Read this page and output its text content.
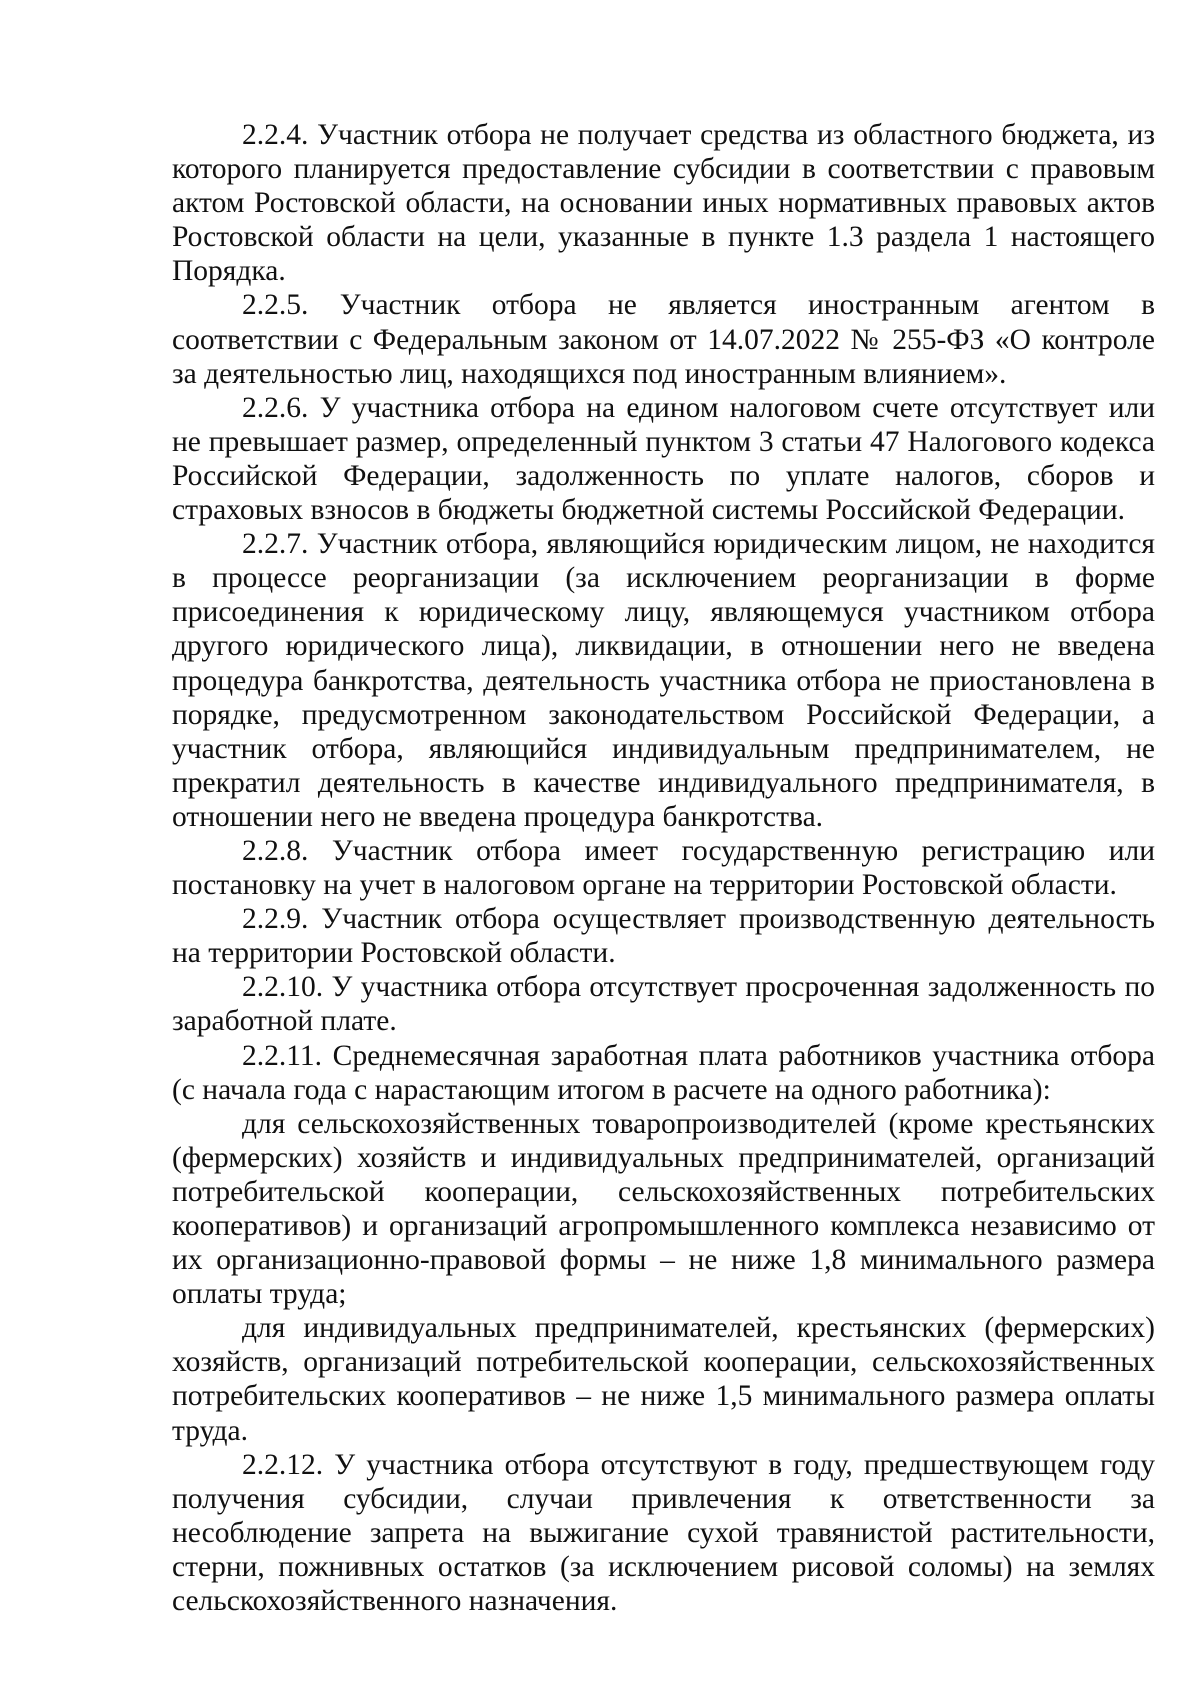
2.2.4. Участник отбора не получает средства из областного бюджета, из которого планируется предоставление субсидии в соответствии с правовым актом Ростовской области, на основании иных нормативных правовых актов Ростовской области на цели, указанные в пункте 1.3 раздела 1 настоящего Порядка.

2.2.5. Участник отбора не является иностранным агентом в соответствии с Федеральным законом от 14.07.2022 № 255-ФЗ «О контроле за деятельностью лиц, находящихся под иностранным влиянием».

2.2.6. У участника отбора на едином налоговом счете отсутствует или не превышает размер, определенный пунктом 3 статьи 47 Налогового кодекса Российской Федерации, задолженность по уплате налогов, сборов и страховых взносов в бюджеты бюджетной системы Российской Федерации.

2.2.7. Участник отбора, являющийся юридическим лицом, не находится в процессе реорганизации (за исключением реорганизации в форме присоединения к юридическому лицу, являющемуся участником отбора другого юридического лица), ликвидации, в отношении него не введена процедура банкротства, деятельность участника отбора не приостановлена в порядке, предусмотренном законодательством Российской Федерации, а участник отбора, являющийся индивидуальным предпринимателем, не прекратил деятельность в качестве индивидуального предпринимателя, в отношении него не введена процедура банкротства.

2.2.8. Участник отбора имеет государственную регистрацию или постановку на учет в налоговом органе на территории Ростовской области.

2.2.9. Участник отбора осуществляет производственную деятельность на территории Ростовской области.

2.2.10. У участника отбора отсутствует просроченная задолженность по заработной плате.

2.2.11. Среднемесячная заработная плата работников участника отбора (с начала года с нарастающим итогом в расчете на одного работника):

для сельскохозяйственных товаропроизводителей (кроме крестьянских (фермерских) хозяйств и индивидуальных предпринимателей, организаций потребительской кооперации, сельскохозяйственных потребительских кооперативов) и организаций агропромышленного комплекса независимо от их организационно-правовой формы – не ниже 1,8 минимального размера оплаты труда;

для индивидуальных предпринимателей, крестьянских (фермерских) хозяйств, организаций потребительской кооперации, сельскохозяйственных потребительских кооперативов – не ниже 1,5 минимального размера оплаты труда.

2.2.12. У участника отбора отсутствуют в году, предшествующем году получения субсидии, случаи привлечения к ответственности за несоблюдение запрета на выжигание сухой травянистой растительности, стерни, пожнивных остатков (за исключением рисовой соломы) на землях сельскохозяйственного назначения.
